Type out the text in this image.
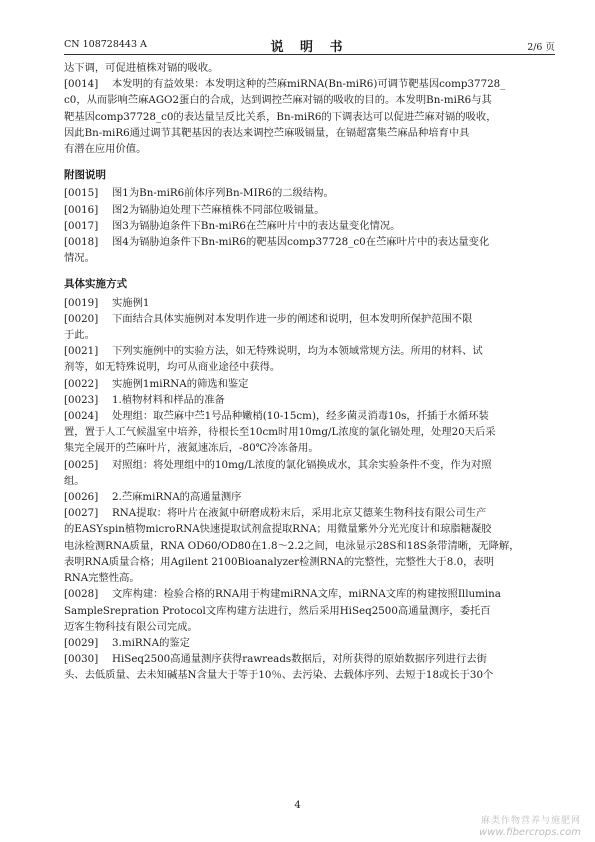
CN 108728443 A	说 明 书	2/6 页
达下调，可促进植株对镉的吸收。
[0014] 本发明的有益效果：本发明这种的苎麻miRNA(Bn-miR6)可调节靶基因comp37728_
c0，从而影响苎麻AGO2蛋白的合成，达到调控苎麻对镉的吸收的目的。本发明Bn-miR6与其
靶基因comp37728_c0的表达量呈反比关系，Bn-miR6的下调表达可以促进苎麻对镉的吸收，
因此Bn-miR6通过调节其靶基因的表达来调控苎麻吸镉量，在镉超富集苎麻品种培育中具
有潜在应用价值。
附图说明
[0015] 图1为Bn-miR6前体序列Bn-MIR6的二级结构。
[0016] 图2为镉胁迫处理下苎麻植株不同部位吸镉量。
[0017] 图3为镉胁迫条件下Bn-miR6在苎麻叶片中的表达量变化情况。
[0018] 图4为镉胁迫条件下Bn-miR6的靶基因comp37728_c0在苎麻叶片中的表达量变化
情况。
具体实施方式
[0019] 实施例1
[0020] 下面结合具体实施例对本发明作进一步的阐述和说明，但本发明所保护范围不限
于此。
[0021] 下列实施例中的实验方法，如无特殊说明，均为本领域常规方法。所用的材料、试
剂等，如无特殊说明，均可从商业途径中获得。
[0022] 实施例1miRNA的筛选和鉴定
[0023] 1.植物材料和样品的准备
[0024] 处理组：取苎麻中苎1号品种嫩梢(10-15cm)，经多菌灵消毒10s，扦插于水循环装
置，置于人工气候温室中培养，待根长至10cm时用10mg/L浓度的氯化镉处理，处理20天后采
集完全展开的苎麻叶片，液氮速冻后，-80℃冷冻备用。
[0025] 对照组：将处理组中的10mg/L浓度的氯化镉换成水，其余实验条件不变，作为对照
组。
[0026] 2.苎麻miRNA的高通量测序
[0027] RNA提取：将叶片在液氮中研磨成粉末后，采用北京艾德莱生物科技有限公司生产
的EASYspin植物microRNA快速提取试剂盒提取RNA；用微量紫外分光光度计和琼脂糖凝胶
电泳检测RNA质量，RNA OD60/OD80在1.8～2.2之间，电泳显示28S和18S条带清晰，无降解，
表明RNA质量合格；用Agilent 2100Bioanalyzer检测RNA的完整性，完整性大于8.0，表明
RNA完整性高。
[0028] 文库构建：检验合格的RNA用于构建miRNA文库，miRNA文库的构建按照Illumina
SampleSrepration Protocol文库构建方法进行，然后采用HiSeq2500高通量测序，委托百
迈客生物科技有限公司完成。
[0029] 3.miRNA的鉴定
[0030] HiSeq2500高通量测序获得rawreads数据后，对所获得的原始数据序列进行去街
头、去低质量、去未知碱基N含量大于等于10％、去污染、去载体序列、去短于18或长于30个
4
麻类作物营养与施肥网
www.fibercrops.com
